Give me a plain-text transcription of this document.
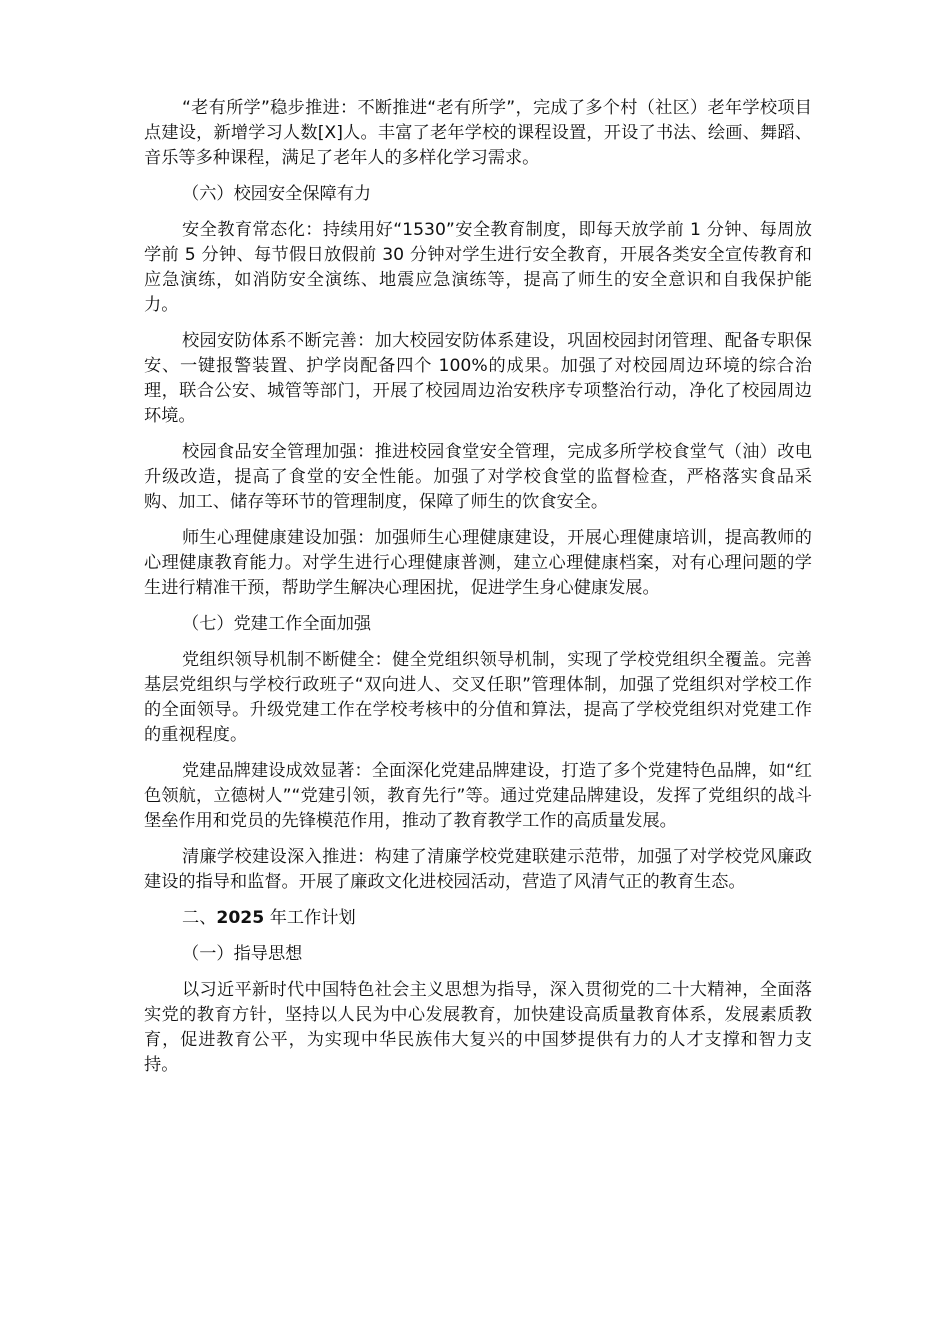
“老有所学”稳步推进：不断推进“老有所学”，完成了多个村（社区）老年学校项目点建设，新增学习人数[X]人。丰富了老年学校的课程设置，开设了书法、绘画、舞蹈、音乐等多种课程，满足了老年人的多样化学习需求。

（六）校园安全保障有力

安全教育常态化：持续用好“1530”安全教育制度，即每天放学前 1 分钟、每周放学前 5 分钟、每节假日放假前 30 分钟对学生进行安全教育，开展各类安全宣传教育和应急演练，如消防安全演练、地震应急演练等，提高了师生的安全意识和自我保护能力。

校园安防体系不断完善：加大校园安防体系建设，巩固校园封闭管理、配备专职保安、一键报警装置、护学岗配备四个 100%的成果。加强了对校园周边环境的综合治理，联合公安、城管等部门，开展了校园周边治安秩序专项整治行动，净化了校园周边环境。

校园食品安全管理加强：推进校园食堂安全管理，完成多所学校食堂气（油）改电升级改造，提高了食堂的安全性能。加强了对学校食堂的监督检查，严格落实食品采购、加工、储存等环节的管理制度，保障了师生的饮食安全。

师生心理健康建设加强：加强师生心理健康建设，开展心理健康培训，提高教师的心理健康教育能力。对学生进行心理健康普测，建立心理健康档案，对有心理问题的学生进行精准干预，帮助学生解决心理困扰，促进学生身心健康发展。

（七）党建工作全面加强

党组织领导机制不断健全：健全党组织领导机制，实现了学校党组织全覆盖。完善基层党组织与学校行政班子“双向进人、交叉任职”管理体制，加强了党组织对学校工作的全面领导。升级党建工作在学校考核中的分值和算法，提高了学校党组织对党建工作的重视程度。

党建品牌建设成效显著：全面深化党建品牌建设，打造了多个党建特色品牌，如“红色领航，立德树人”“党建引领，教育先行”等。通过党建品牌建设，发挥了党组织的战斗堡垒作用和党员的先锋模范作用，推动了教育教学工作的高质量发展。

清廉学校建设深入推进：构建了清廉学校党建联建示范带，加强了对学校党风廉政建设的指导和监督。开展了廉政文化进校园活动，营造了风清气正的教育生态。

二、2025 年工作计划

（一）指导思想

以习近平新时代中国特色社会主义思想为指导，深入贯彻党的二十大精神，全面落实党的教育方针，坚持以人民为中心发展教育，加快建设高质量教育体系，发展素质教育，促进教育公平，为实现中华民族伟大复兴的中国梦提供有力的人才支撑和智力支持。
